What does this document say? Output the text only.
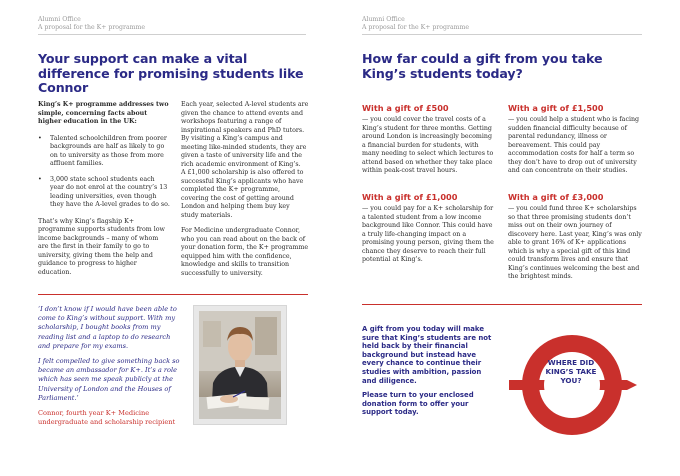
Alumni Office
A proposal for the K+ programme
Your support can make a vital difference for promising students like Connor

King’s K+ programme addresses two simple, concerning facts about higher education in the UK:

• Talented schoolchildren from poorer backgrounds are half as likely to go on to university as those from more affluent families.
• 3,000 state school students each year do not enrol at the country’s 13 leading universities, even though they have the A-level grades to do so.

That’s why King’s flagship K+ programme supports students from low income backgrounds – many of whom are the first in their family to go to university, giving them the help and guidance to progress to higher education.

Each year, selected A-level students are given the chance to attend events and workshops featuring a range of inspirational speakers and PhD tutors. By visiting a King’s campus and meeting like-minded students, they are given a taste of university life and the rich academic environment of King’s.

A £1,000 scholarship is also offered to successful King’s applicants who have completed the K+ programme, covering the cost of getting around London and helping them buy key study materials.

For Medicine undergraduate Connor, who you can read about on the back of your donation form, the K+ programme equipped him with the confidence, knowledge and skills to transition successfully to university.

‘I don’t know if I would have been able to come to King’s without support. With my scholarship, I bought books from my reading list and a laptop to do research and prepare for my exams.

I felt compelled to give something back so became an ambassador for K+. It’s a role which has seen me speak publicly at the University of London and the Houses of Parliament.’

Connor, fourth year K+ Medicine undergraduate and scholarship recipient

Alumni Office
A proposal for the K+ programme
How far could a gift from you take King’s students today?
With a gift of £500

— you could cover the travel costs of a King’s student for three months. Getting around London is increasingly becoming a financial burden for students, with many needing to select which lectures to attend based on whether they take place within peak-cost travel hours.

With a gift of £1,500

— you could help a student who is facing sudden financial difficulty because of parental redundancy, illness or bereavement. This could pay accommodation costs for half a term so they don’t have to drop out of university and can concentrate on their studies.

With a gift of £1,000

— you could pay for a K+ scholarship for a talented student from a low income background like Connor. This could have a truly life-changing impact on a promising young person, giving them the chance they deserve to reach their full potential at King’s.

With a gift of £3,000

— you could fund three K+ scholarships so that three promising students don’t miss out on their own journey of discovery here. Last year, King’s was only able to grant 16% of K+ applications which is why a special gift of this kind could transform lives and ensure that King’s continues welcoming the best and the brightest minds.

A gift from you today will make sure that King’s students are not held back by their financial background but instead have every chance to continue their studies with ambition, passion and diligence.

Please turn to your enclosed donation form to offer your support today.

WHERE DID
KING’S TAKE
YOU?
